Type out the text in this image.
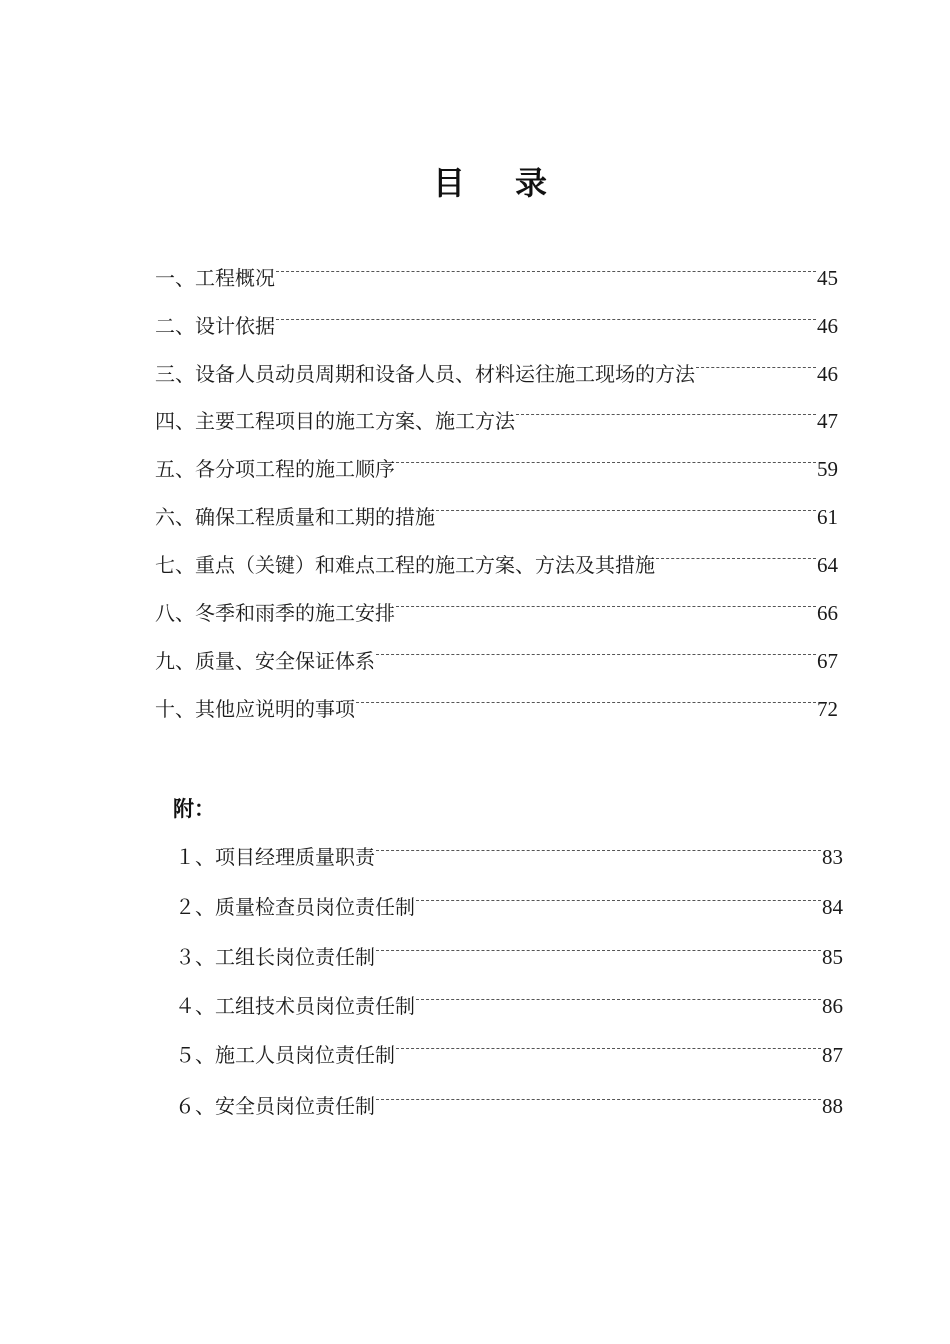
目 录
一、工程概况	45
二、设计依据	46
三、设备人员动员周期和设备人员、材料运往施工现场的方法	46
四、主要工程项目的施工方案、施工方法	47
五、各分项工程的施工顺序	59
六、确保工程质量和工期的措施	61
七、重点（关键）和难点工程的施工方案、方法及其措施	64
八、冬季和雨季的施工安排	66
九、质量、安全保证体系	67
十、其他应说明的事项	72
附：
１、项目经理质量职责	83
２、质量检查员岗位责任制	84
３、工组长岗位责任制	85
４、工组技术员岗位责任制	86
５、施工人员岗位责任制	87
６、安全员岗位责任制	88
